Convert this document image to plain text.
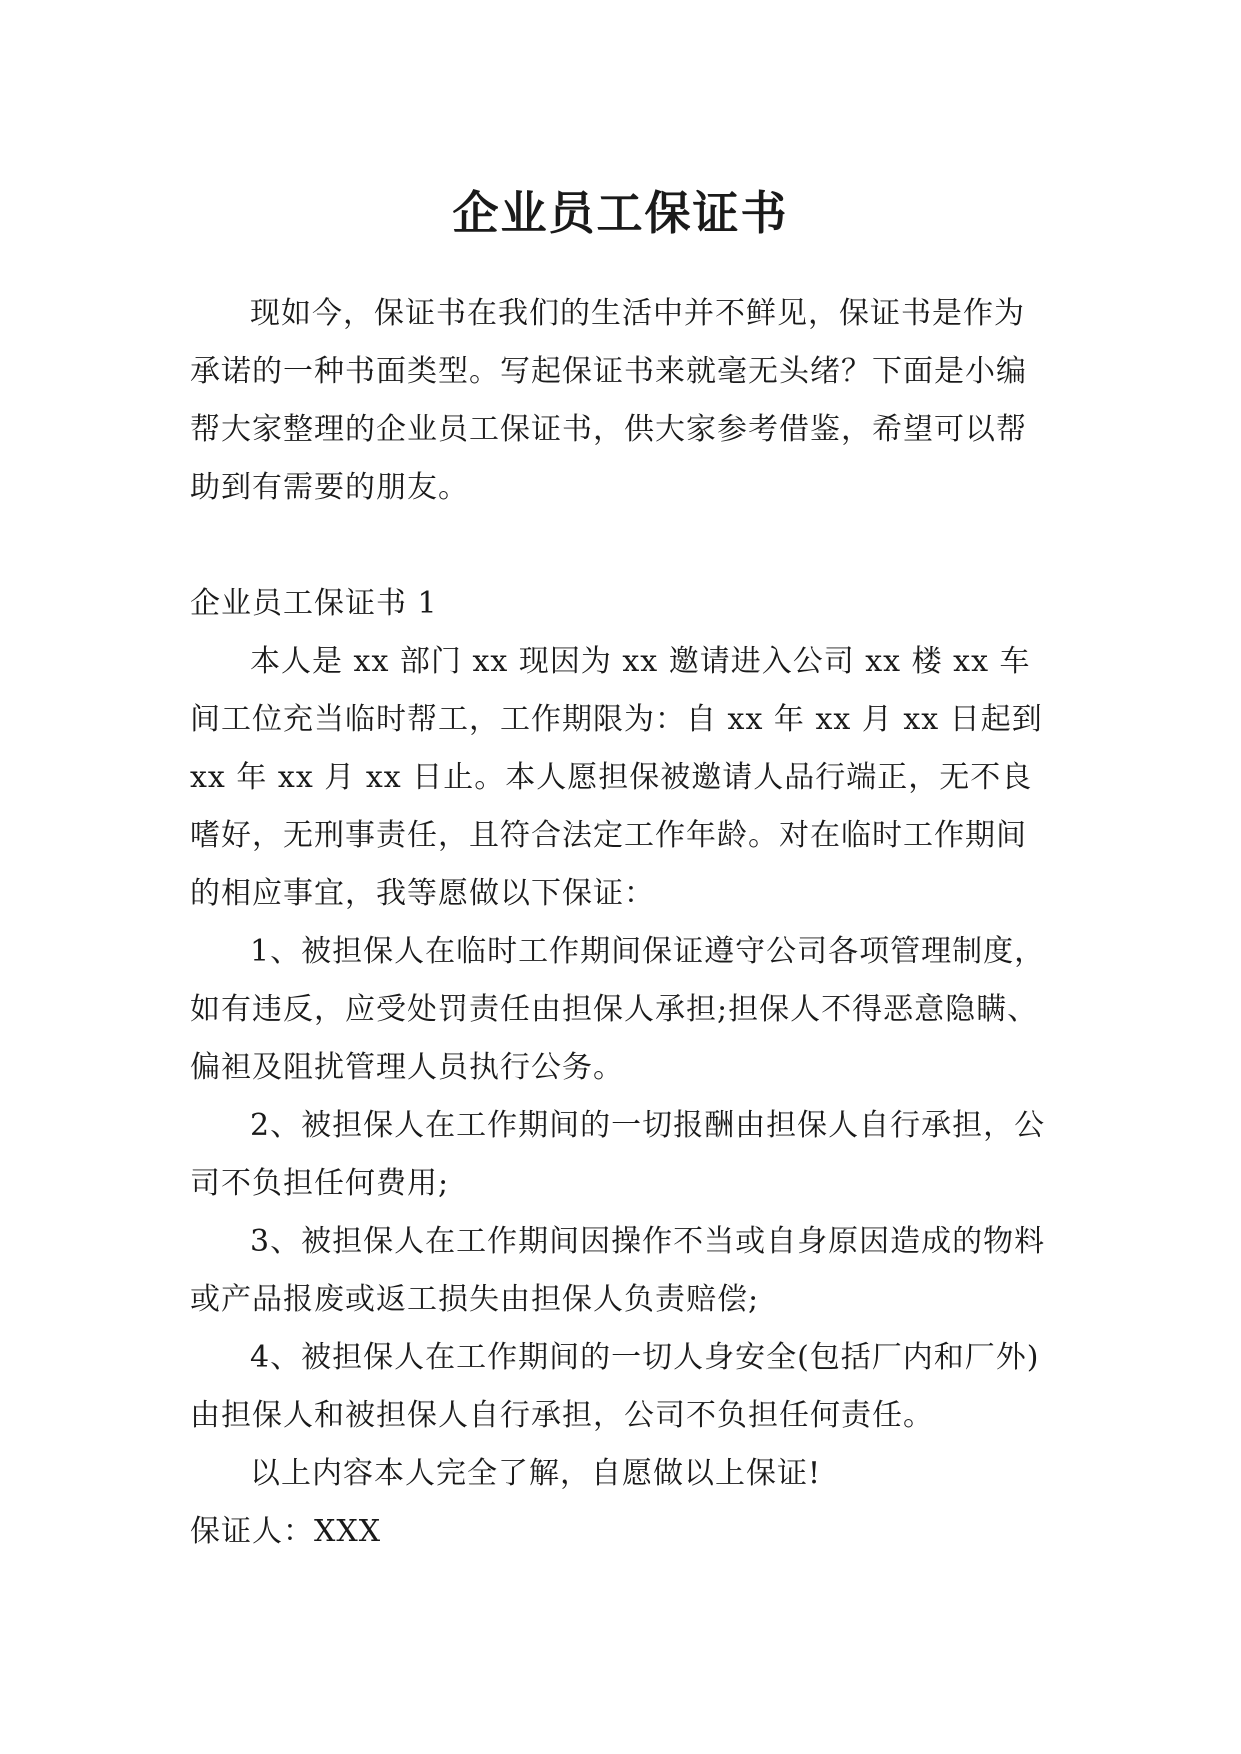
企业员工保证书

现如今，保证书在我们的生活中并不鲜见，保证书是作为承诺的一种书面类型。写起保证书来就毫无头绪？下面是小编帮大家整理的企业员工保证书，供大家参考借鉴，希望可以帮助到有需要的朋友。

企业员工保证书 1

本人是 xx 部门 xx 现因为 xx 邀请进入公司 xx 楼 xx 车间工位充当临时帮工，工作期限为：自 xx 年 xx 月 xx 日起到 xx 年 xx 月 xx 日止。本人愿担保被邀请人品行端正，无不良嗜好，无刑事责任，且符合法定工作年龄。对在临时工作期间的相应事宜，我等愿做以下保证：

1、被担保人在临时工作期间保证遵守公司各项管理制度，如有违反，应受处罚责任由担保人承担;担保人不得恶意隐瞒、偏袒及阻扰管理人员执行公务。

2、被担保人在工作期间的一切报酬由担保人自行承担，公司不负担任何费用;

3、被担保人在工作期间因操作不当或自身原因造成的物料或产品报废或返工损失由担保人负责赔偿;

4、被担保人在工作期间的一切人身安全(包括厂内和厂外)由担保人和被担保人自行承担，公司不负担任何责任。

以上内容本人完全了解，自愿做以上保证!

保证人：XXX
